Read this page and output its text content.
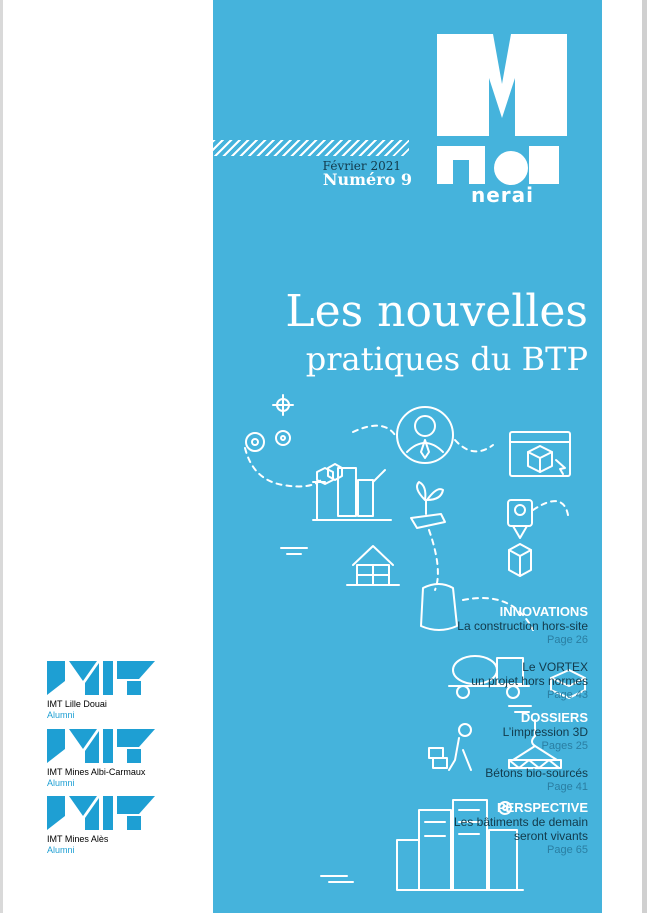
IMT Lille Douai
Alumni
IMT Mines Albi-Carmaux
Alumni
IMT Mines Alès
Alumni
nerai
Février 2021
Numéro 9
Les nouvelles
pratiques du BTP
INNOVATIONS
La construction hors-site
Page 26
Le VORTEX
un projet hors normes
Page 43
DOSSIERS
L’impression 3D
Pages 25
Bétons bio-sourcés
Page 41
PERSPECTIVE
Les bâtiments de demain
seront vivants
Page 65
